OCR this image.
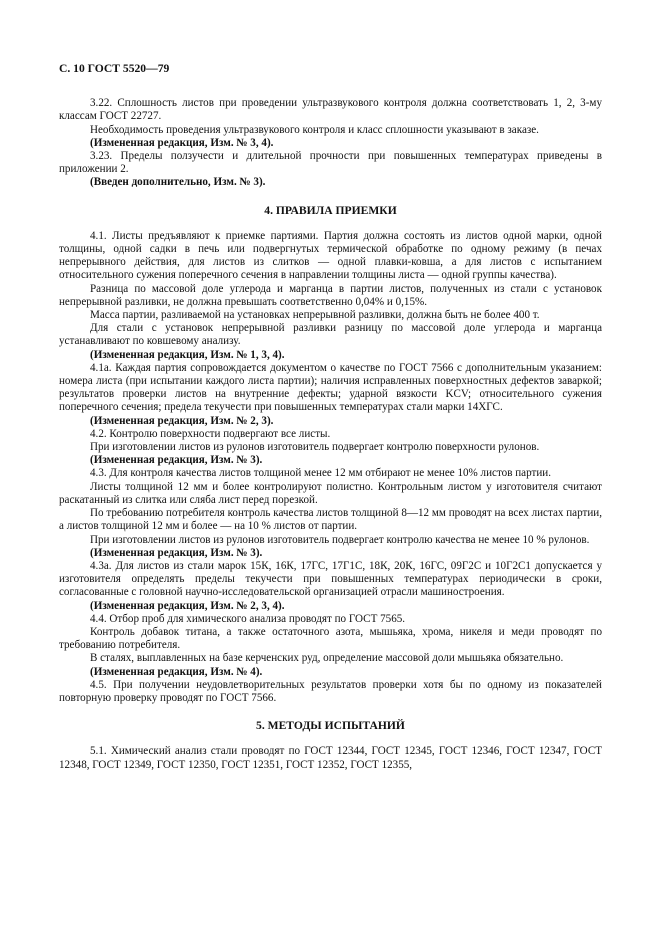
С. 10 ГОСТ 5520—79

3.22. Сплошность листов при проведении ультразвукового контроля должна соответствовать 1, 2, 3-му классам ГОСТ 22727.

Необходимость проведения ультразвукового контроля и класс сплошности указывают в заказе.

(Измененная редакция, Изм. № 3, 4).

3.23. Пределы ползучести и длительной прочности при повышенных температурах приведены в приложении 2.

(Введен дополнительно, Изм. № 3).

4. ПРАВИЛА ПРИЕМКИ

4.1. Листы предъявляют к приемке партиями. Партия должна состоять из листов одной марки, одной толщины, одной садки в печь или подвергнутых термической обработке по одному режиму (в печах непрерывного действия, для листов из слитков — одной плавки-ковша, а для листов с испытанием относительного сужения поперечного сечения в направлении толщины листа — одной группы качества).

Разница по массовой доле углерода и марганца в партии листов, полученных из стали с установок непрерывной разливки, не должна превышать соответственно 0,04% и 0,15%.

Масса партии, разливаемой на установках непрерывной разливки, должна быть не более 400 т.

Для стали с установок непрерывной разливки разницу по массовой доле углерода и марганца устанавливают по ковшевому анализу.

(Измененная редакция, Изм. № 1, 3, 4).

4.1а. Каждая партия сопровождается документом о качестве по ГОСТ 7566 с дополнительным указанием: номера листа (при испытании каждого листа партии); наличия исправленных поверхностных дефектов заваркой; результатов проверки листов на внутренние дефекты; ударной вязкости KCV; относительного сужения поперечного сечения; предела текучести при повышенных температурах стали марки 14ХГС.

(Измененная редакция, Изм. № 2, 3).

4.2. Контролю поверхности подвергают все листы.

При изготовлении листов из рулонов изготовитель подвергает контролю поверхности рулонов.

(Измененная редакция, Изм. № 3).

4.3. Для контроля качества листов толщиной менее 12 мм отбирают не менее 10% листов партии.

Листы толщиной 12 мм и более контролируют полистно. Контрольным листом у изготовителя считают раскатанный из слитка или сляба лист перед порезкой.

По требованию потребителя контроль качества листов толщиной 8—12 мм проводят на всех листах партии, а листов толщиной 12 мм и более — на 10 % листов от партии.

При изготовлении листов из рулонов изготовитель подвергает контролю качества не менее 10 % рулонов.

(Измененная редакция, Изм. № 3).

4.3а. Для листов из стали марок 15К, 16К, 17ГС, 17Г1С, 18К, 20К, 16ГС, 09Г2С и 10Г2С1 допускается у изготовителя определять пределы текучести при повышенных температурах периодически в сроки, согласованные с головной научно-исследовательской организацией отрасли машиностроения.

(Измененная редакция, Изм. № 2, 3, 4).

4.4. Отбор проб для химического анализа проводят по ГОСТ 7565.

Контроль добавок титана, а также остаточного азота, мышьяка, хрома, никеля и меди проводят по требованию потребителя.

В сталях, выплавленных на базе керченских руд, определение массовой доли мышьяка обязательно.

(Измененная редакция, Изм. № 4).

4.5. При получении неудовлетворительных результатов проверки хотя бы по одному из показателей повторную проверку проводят по ГОСТ 7566.

5. МЕТОДЫ ИСПЫТАНИЙ

5.1. Химический анализ стали проводят по ГОСТ 12344, ГОСТ 12345, ГОСТ 12346, ГОСТ 12347, ГОСТ 12348, ГОСТ 12349, ГОСТ 12350, ГОСТ 12351, ГОСТ 12352, ГОСТ 12355,
